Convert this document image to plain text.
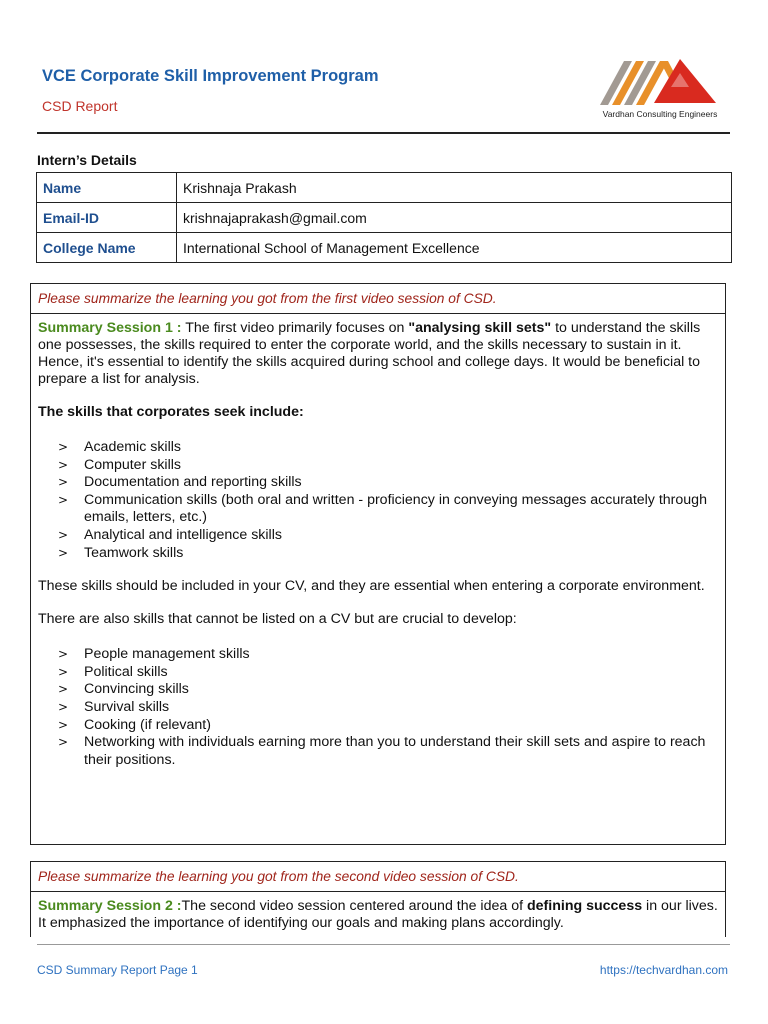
VCE Corporate Skill Improvement Program

CSD Report	Vardhan Consulting Engineers
Intern’s Details
Name	Krishnaja Prakash
Email-ID	krishnajaprakash@gmail.com
College Name	International School of Management Excellence
Please summarize the learning you got from the first video session of CSD.

Summary Session 1 : The first video primarily focuses on "analysing skill sets" to understand the skills one possesses, the skills required to enter the corporate world, and the skills necessary to sustain in it. Hence, it's essential to identify the skills acquired during school and college days. It would be beneficial to prepare a list for analysis.

The skills that corporates seek include:

> Academic skills
> Computer skills
> Documentation and reporting skills
> Communication skills (both oral and written - proficiency in conveying messages accurately through emails, letters, etc.)
> Analytical and intelligence skills
> Teamwork skills

These skills should be included in your CV, and they are essential when entering a corporate environment.

There are also skills that cannot be listed on a CV but are crucial to develop:

> People management skills
> Political skills
> Convincing skills
> Survival skills
> Cooking (if relevant)
> Networking with individuals earning more than you to understand their skill sets and aspire to reach their positions.
Please summarize the learning you got from the second video session of CSD.

Summary Session 2 :The second video session centered around the idea of defining success in our lives. It emphasized the importance of identifying our goals and making plans accordingly.

CSD Summary Report Page 1	https://techvardhan.com
